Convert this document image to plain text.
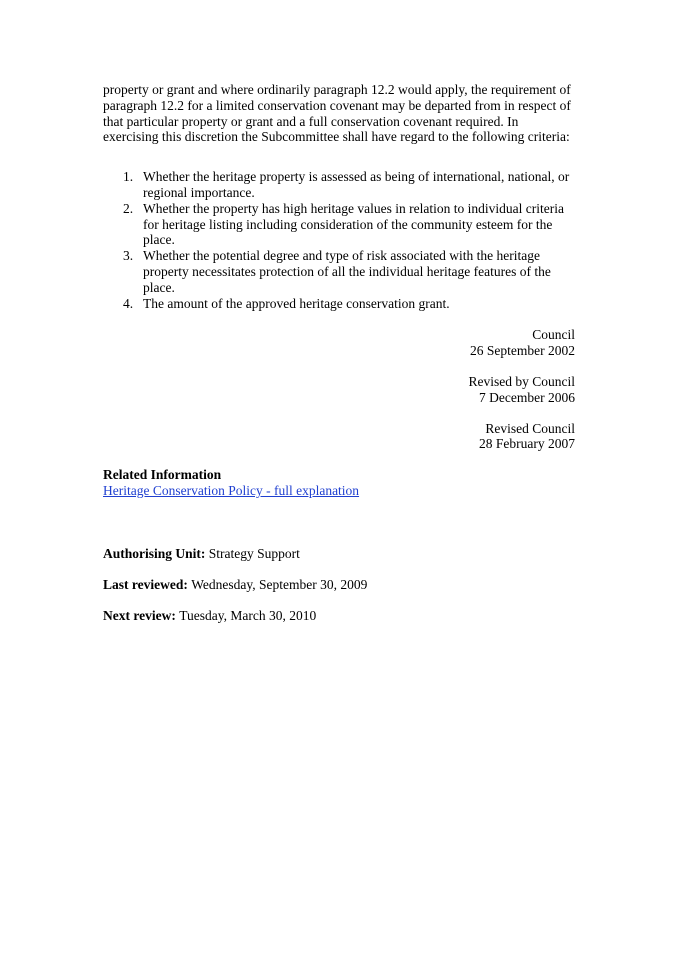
property or grant and where ordinarily paragraph 12.2 would apply, the requirement of paragraph 12.2 for a limited conservation covenant may be departed from in respect of that particular property or grant and a full conservation covenant required. In exercising this discretion the Subcommittee shall have regard to the following criteria:

1. Whether the heritage property is assessed as being of international, national, or regional importance.
2. Whether the property has high heritage values in relation to individual criteria for heritage listing including consideration of the community esteem for the place.
3. Whether the potential degree and type of risk associated with the heritage property necessitates protection of all the individual heritage features of the place.
4. The amount of the approved heritage conservation grant.
Council
26 September 2002
Revised by Council
7 December 2006
Revised Council
28 February 2007
Related Information
Heritage Conservation Policy - full explanation
Authorising Unit: Strategy Support
Last reviewed: Wednesday, September 30, 2009
Next review: Tuesday, March 30, 2010
